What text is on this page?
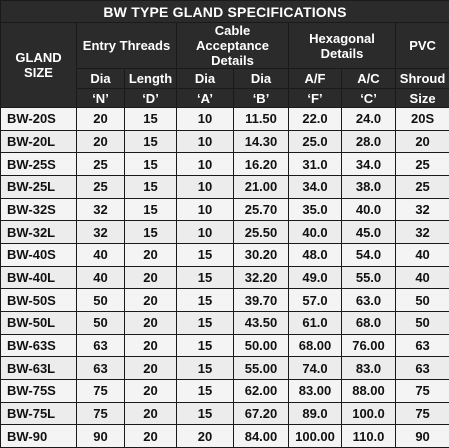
BW TYPE GLAND SPECIFICATIONS							
GLAND SIZE	Entry Threads		Cable Acceptance Details		Hexagonal Details		PVC
	Dia	Length	Dia	Dia	A/F	A/C	Shroud
	‘N’	‘D’	‘A’	‘B’	‘F’	‘C’	Size
BW-20S	20	15	10	11.50	22.0	24.0	20S
BW-20L	20	15	10	14.30	25.0	28.0	20
BW-25S	25	15	10	16.20	31.0	34.0	25
BW-25L	25	15	10	21.00	34.0	38.0	25
BW-32S	32	15	10	25.70	35.0	40.0	32
BW-32L	32	15	10	25.50	40.0	45.0	32
BW-40S	40	20	15	30.20	48.0	54.0	40
BW-40L	40	20	15	32.20	49.0	55.0	40
BW-50S	50	20	15	39.70	57.0	63.0	50
BW-50L	50	20	15	43.50	61.0	68.0	50
BW-63S	63	20	15	50.00	68.00	76.00	63
BW-63L	63	20	15	55.00	74.0	83.0	63
BW-75S	75	20	15	62.00	83.00	88.00	75
BW-75L	75	20	15	67.20	89.0	100.0	75
BW-90	90	20	20	84.00	100.00	110.0	90
